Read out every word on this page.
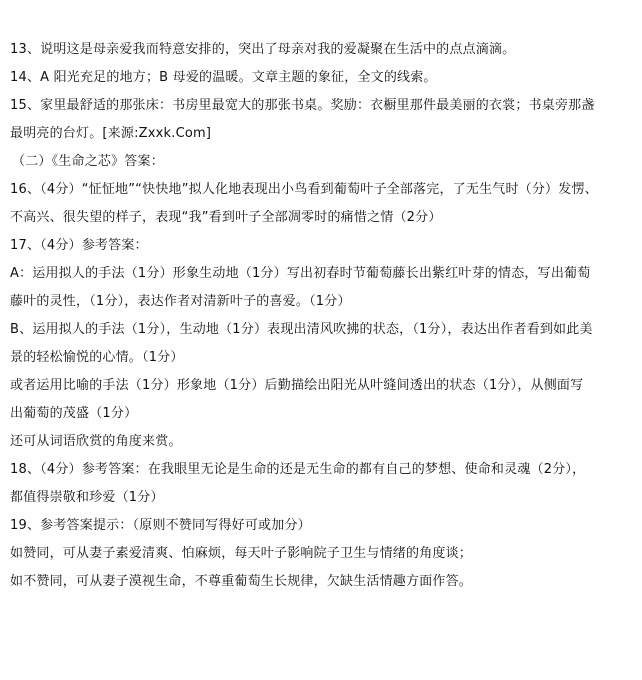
13、说明这是母亲爱我而特意安排的，突出了母亲对我的爱凝聚在生活中的点点滴滴。
14、A 阳光充足的地方；B 母爱的温暖。文章主题的象征，全文的线索。
15、家里最舒适的那张床：书房里最宽大的那张书桌。奖励：衣橱里那件最美丽的衣裳；书桌旁那盏
最明亮的台灯。[来源:Zxxk.Com]
（二）《生命之芯》答案：
16、（4分）“怔怔地”“快快地”拟人化地表现出小鸟看到葡萄叶子全部落完，了无生气时（分）发愣、
不高兴、很失望的样子，表现“我”看到叶子全部凋零时的痛惜之情（2分）
17、（4分）参考答案：
A：运用拟人的手法（1分）形象生动地（1分）写出初春时节葡萄藤长出紫红叶芽的情态，写出葡萄
藤叶的灵性，（1分），表达作者对清新叶子的喜爱。（1分）
B、运用拟人的手法（1分），生动地（1分）表现出清风吹拂的状态，（1分），表达出作者看到如此美
景的轻松愉悦的心情。（1分）
或者运用比喻的手法（1分）形象地（1分）后勤描绘出阳光从叶缝间透出的状态（1分），从侧面写
出葡萄的茂盛（1分）
还可从词语欣赏的角度来赏。
18、（4分）参考答案：在我眼里无论是生命的还是无生命的都有自己的梦想、使命和灵魂（2分），
都值得崇敬和珍爱（1分）
19、参考答案提示：（原则不赞同写得好可或加分）
如赞同，可从妻子素爱清爽、怕麻烦，每天叶子影响院子卫生与情绪的角度谈；
如不赞同，可从妻子漠视生命，不尊重葡萄生长规律，欠缺生活情趣方面作答。
